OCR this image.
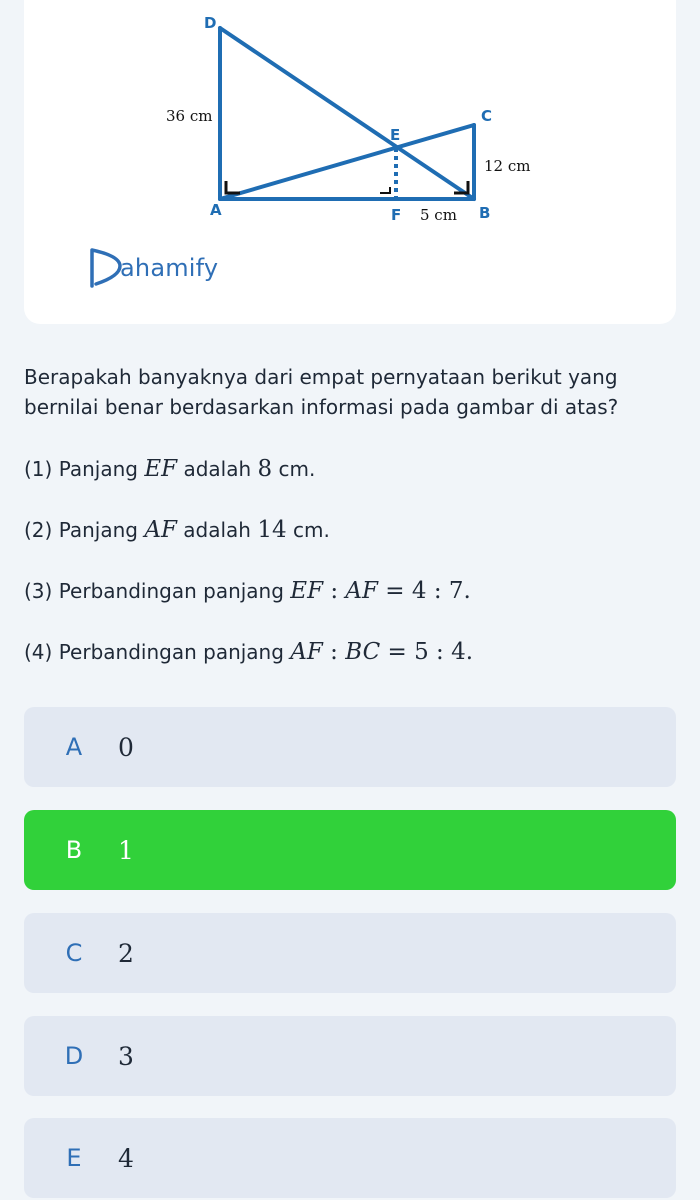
D
A	B
C
E
F
36 cm
12 cm
5 cm
ahamify
Berapakah banyaknya dari empat pernyataan berikut yang bernilai benar berdasarkan informasi pada gambar di atas?
(1) Panjang EF adalah 8 cm.
(2) Panjang AF adalah 14 cm.
(3) Perbandingan panjang EF : AF = 4 : 7.
(4) Perbandingan panjang AF : BC = 5 : 4.
A 0
B 1
C 2
D 3
E 4
